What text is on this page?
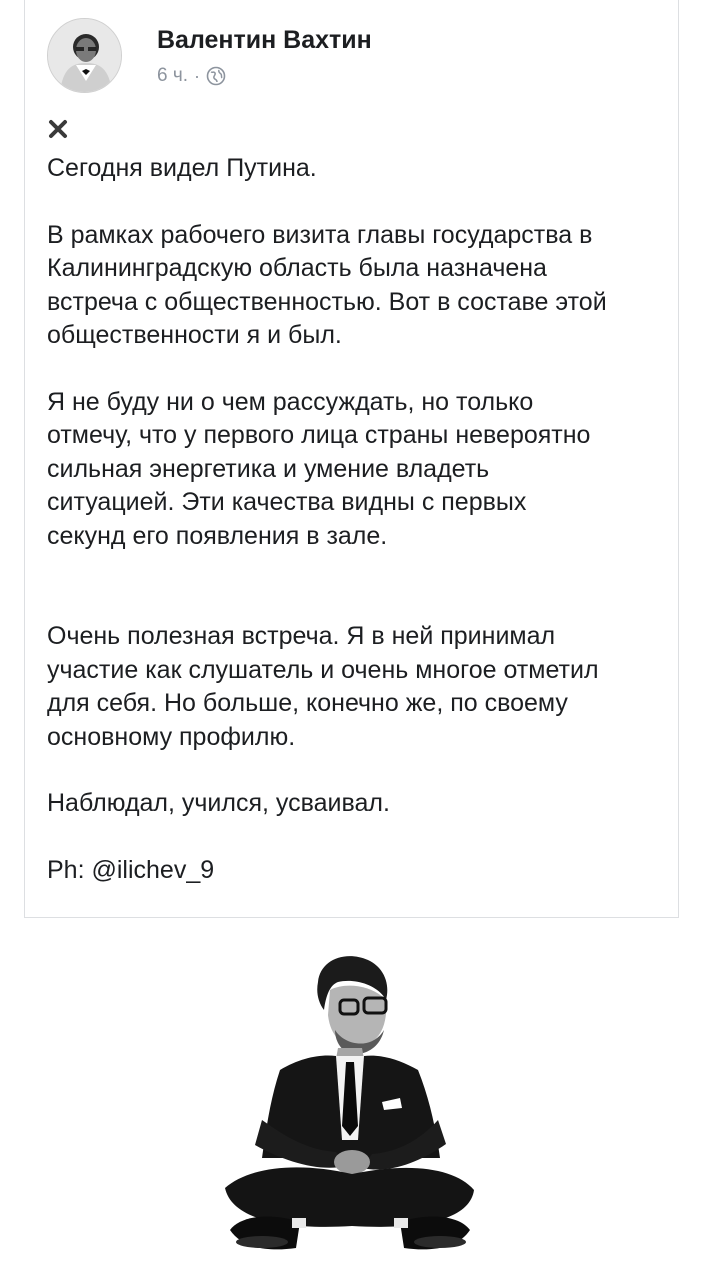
Валентин Вахтин
6 ч. ·

Сегодня видел Путина.

В рамках рабочего визита главы государства в
Калининградскую область была назначена
встреча с общественностью. Вот в составе этой
общественности я и был.

Я не буду ни о чем рассуждать, но только
отмечу, что у первого лица страны невероятно
сильная энергетика и умение владеть
ситуацией. Эти качества видны с первых
секунд его появления в зале.

Очень полезная встреча. Я в ней принимал
участие как слушатель и очень многое отметил
для себя. Но больше, конечно же, по своему
основному профилю.

Наблюдал, учился, усваивал.

Ph: @ilichev_9
